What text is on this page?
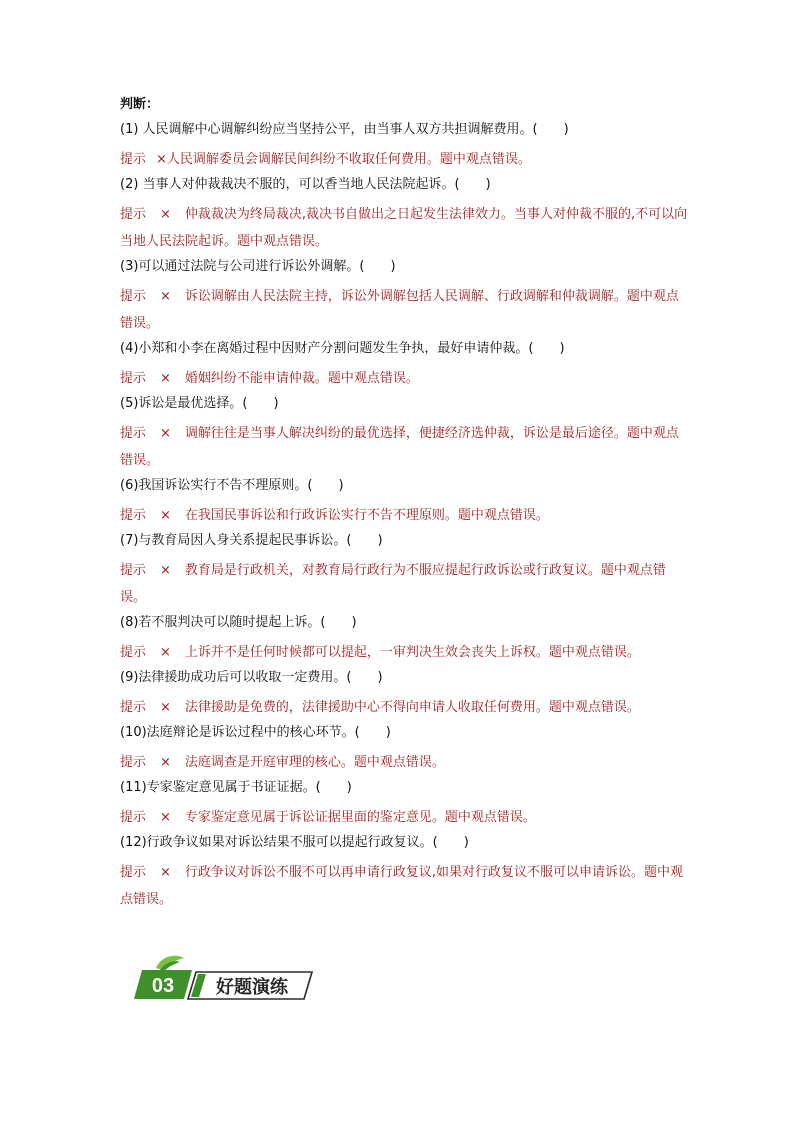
判断：
(1) 人民调解中心调解纠纷应当坚持公平，由当事人双方共担调解费用。(　　)
提示 ×人民调解委员会调解民间纠纷不收取任何费用。题中观点错误。
(2) 当事人对仲裁裁决不服的，可以香当地人民法院起诉。(　　)
提示 × 仲裁裁决为终局裁决,裁决书自做出之日起发生法律效力。当事人对仲裁不服的,不可以向当地人民法院起诉。题中观点错误。
(3)可以通过法院与公司进行诉讼外调解。(　　)
提示 × 诉讼调解由人民法院主持，诉讼外调解包括人民调解、行政调解和仲裁调解。题中观点错误。
(4)小郑和小李在离婚过程中因财产分割问题发生争执，最好申请仲裁。(　　)
提示 × 婚姻纠纷不能申请仲裁。题中观点错误。
(5)诉讼是最优选择。(　　)
提示 × 调解往往是当事人解决纠纷的最优选择，便捷经济选仲裁，诉讼是最后途径。题中观点错误。
(6)我国诉讼实行不告不理原则。(　　)
提示 × 在我国民事诉讼和行政诉讼实行不告不理原则。题中观点错误。
(7)与教育局因人身关系提起民事诉讼。(　　)
提示 × 教育局是行政机关，对教育局行政行为不服应提起行政诉讼或行政复议。题中观点错误。
(8)若不服判决可以随时提起上诉。(　　)
提示 × 上诉并不是任何时候都可以提起，一审判决生效会丧失上诉权。题中观点错误。
(9)法律援助成功后可以收取一定费用。(　　)
提示 × 法律援助是免费的，法律援助中心不得向申请人收取任何费用。题中观点错误。
(10)法庭辩论是诉讼过程中的核心环节。(　　)
提示 × 法庭调查是开庭审理的核心。题中观点错误。
(11)专家鉴定意见属于书证证据。(　　)
提示 × 专家鉴定意见属于诉讼证据里面的鉴定意见。题中观点错误。
(12)行政争议如果对诉讼结果不服可以提起行政复议。(　　)
提示 × 行政争议对诉讼不服不可以再申请行政复议,如果对行政复议不服可以申请诉讼。题中观点错误。
03 好题演练
